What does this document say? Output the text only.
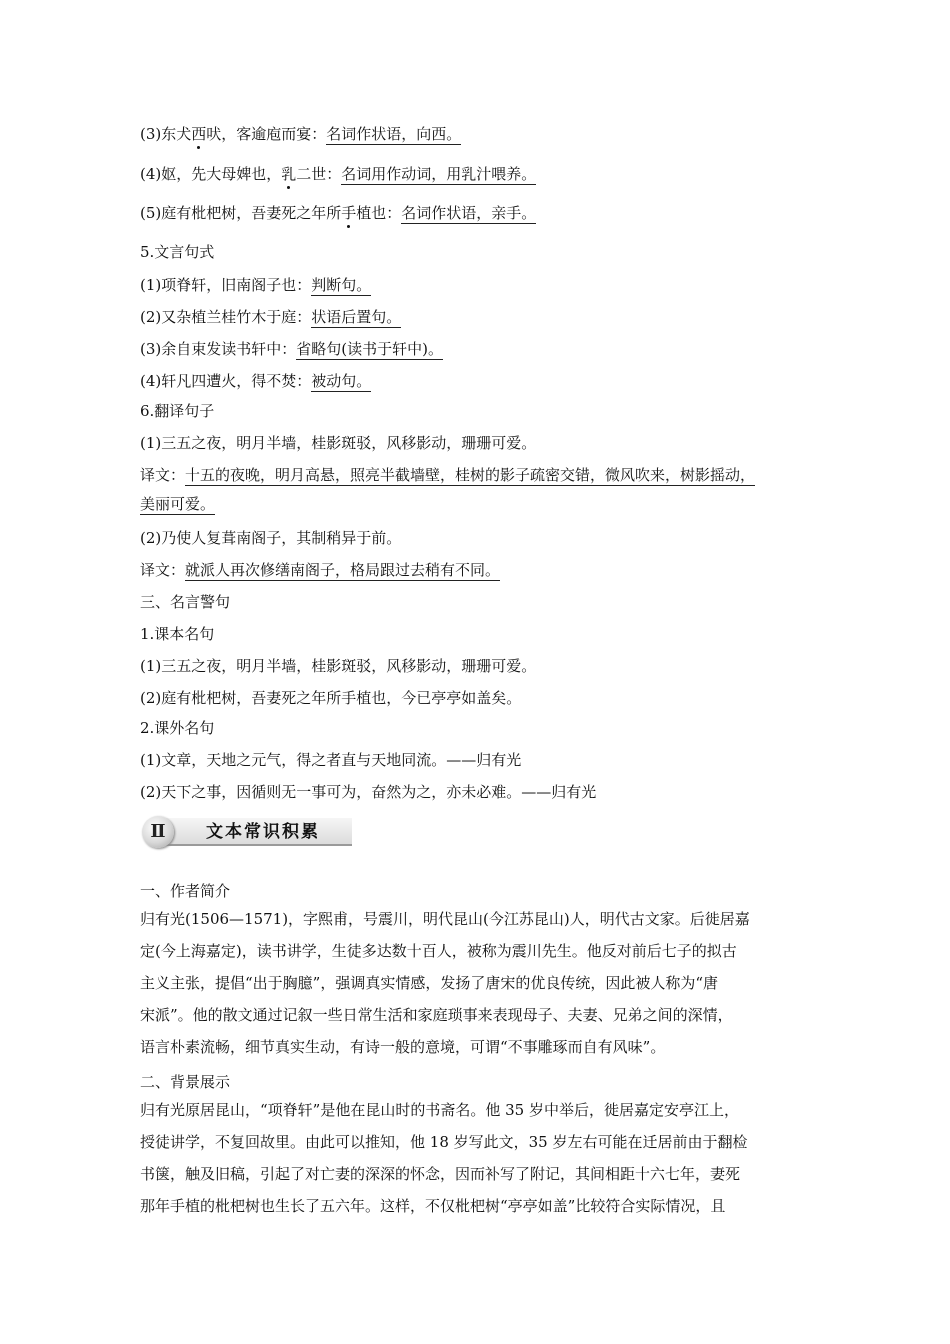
(3)东犬西吠，客逾庖而宴：名词作状语，向西。
(4)妪，先大母婢也，乳二世：名词用作动词，用乳汁喂养。
(5)庭有枇杷树，吾妻死之年所手植也：名词作状语，亲手。
5.文言句式
(1)项脊轩，旧南阁子也：判断句。
(2)又杂植兰桂竹木于庭：状语后置句。
(3)余自束发读书轩中：省略句(读书于轩中)。
(4)轩凡四遭火，得不焚：被动句。
6.翻译句子
(1)三五之夜，明月半墙，桂影斑驳，风移影动，珊珊可爱。
译文：十五的夜晚，明月高悬，照亮半截墙壁，桂树的影子疏密交错，微风吹来，树影摇动，
美丽可爱。
(2)乃使人复葺南阁子，其制稍异于前。
译文：就派人再次修缮南阁子，格局跟过去稍有不同。
三、名言警句
1.课本名句
(1)三五之夜，明月半墙，桂影斑驳，风移影动，珊珊可爱。
(2)庭有枇杷树，吾妻死之年所手植也，今已亭亭如盖矣。
2.课外名句
(1)文章，天地之元气，得之者直与天地同流。——归有光
(2)天下之事，因循则无一事可为，奋然为之，亦未必难。——归有光
Ⅱ	文本常识积累
一、作者简介
归有光(1506—1571)，字熙甫，号震川，明代昆山(今江苏昆山)人，明代古文家。后徙居嘉
定(今上海嘉定)，读书讲学，生徒多达数十百人，被称为震川先生。他反对前后七子的拟古
主义主张，提倡“出于胸臆”，强调真实情感，发扬了唐宋的优良传统，因此被人称为“唐
宋派”。他的散文通过记叙一些日常生活和家庭琐事来表现母子、夫妻、兄弟之间的深情，
语言朴素流畅，细节真实生动，有诗一般的意境，可谓“不事雕琢而自有风味”。
二、背景展示
归有光原居昆山，“项脊轩”是他在昆山时的书斋名。他 35 岁中举后，徙居嘉定安亭江上，
授徒讲学，不复回故里。由此可以推知，他 18 岁写此文，35 岁左右可能在迁居前由于翻检
书箧，触及旧稿，引起了对亡妻的深深的怀念，因而补写了附记，其间相距十六七年，妻死
那年手植的枇杷树也生长了五六年。这样，不仅枇杷树“亭亭如盖”比较符合实际情况，且
